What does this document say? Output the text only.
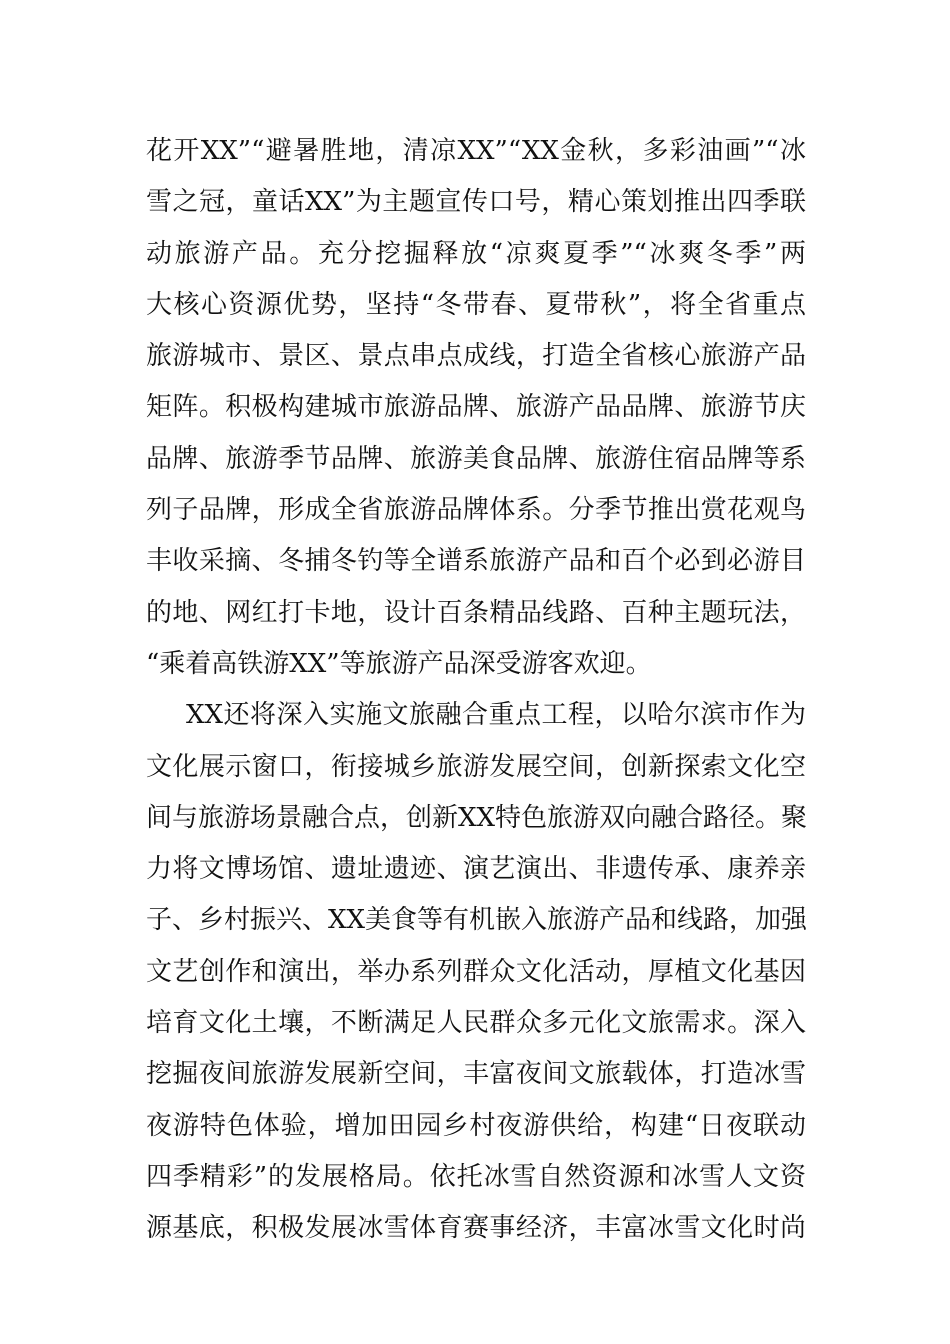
花开XX”“避暑胜地，清凉XX”“XX金秋，多彩油画”“冰
雪之冠，童话XX”为主题宣传口号，精心策划推出四季联
动旅游产品。充分挖掘释放“凉爽夏季”“冰爽冬季”两
大核心资源优势，坚持“冬带春、夏带秋”，将全省重点
旅游城市、景区、景点串点成线，打造全省核心旅游产品
矩阵。积极构建城市旅游品牌、旅游产品品牌、旅游节庆
品牌、旅游季节品牌、旅游美食品牌、旅游住宿品牌等系
列子品牌，形成全省旅游品牌体系。分季节推出赏花观鸟
丰收采摘、冬捕冬钓等全谱系旅游产品和百个必到必游目
的地、网红打卡地，设计百条精品线路、百种主题玩法，
“乘着高铁游XX”等旅游产品深受游客欢迎。
XX还将深入实施文旅融合重点工程，以哈尔滨市作为
文化展示窗口，衔接城乡旅游发展空间，创新探索文化空
间与旅游场景融合点，创新XX特色旅游双向融合路径。聚
力将文博场馆、遗址遗迹、演艺演出、非遗传承、康养亲
子、乡村振兴、XX美食等有机嵌入旅游产品和线路，加强
文艺创作和演出，举办系列群众文化活动，厚植文化基因
培育文化土壤，不断满足人民群众多元化文旅需求。深入
挖掘夜间旅游发展新空间，丰富夜间文旅载体，打造冰雪
夜游特色体验，增加田园乡村夜游供给，构建“日夜联动
四季精彩”的发展格局。依托冰雪自然资源和冰雪人文资
源基底，积极发展冰雪体育赛事经济，丰富冰雪文化时尚
